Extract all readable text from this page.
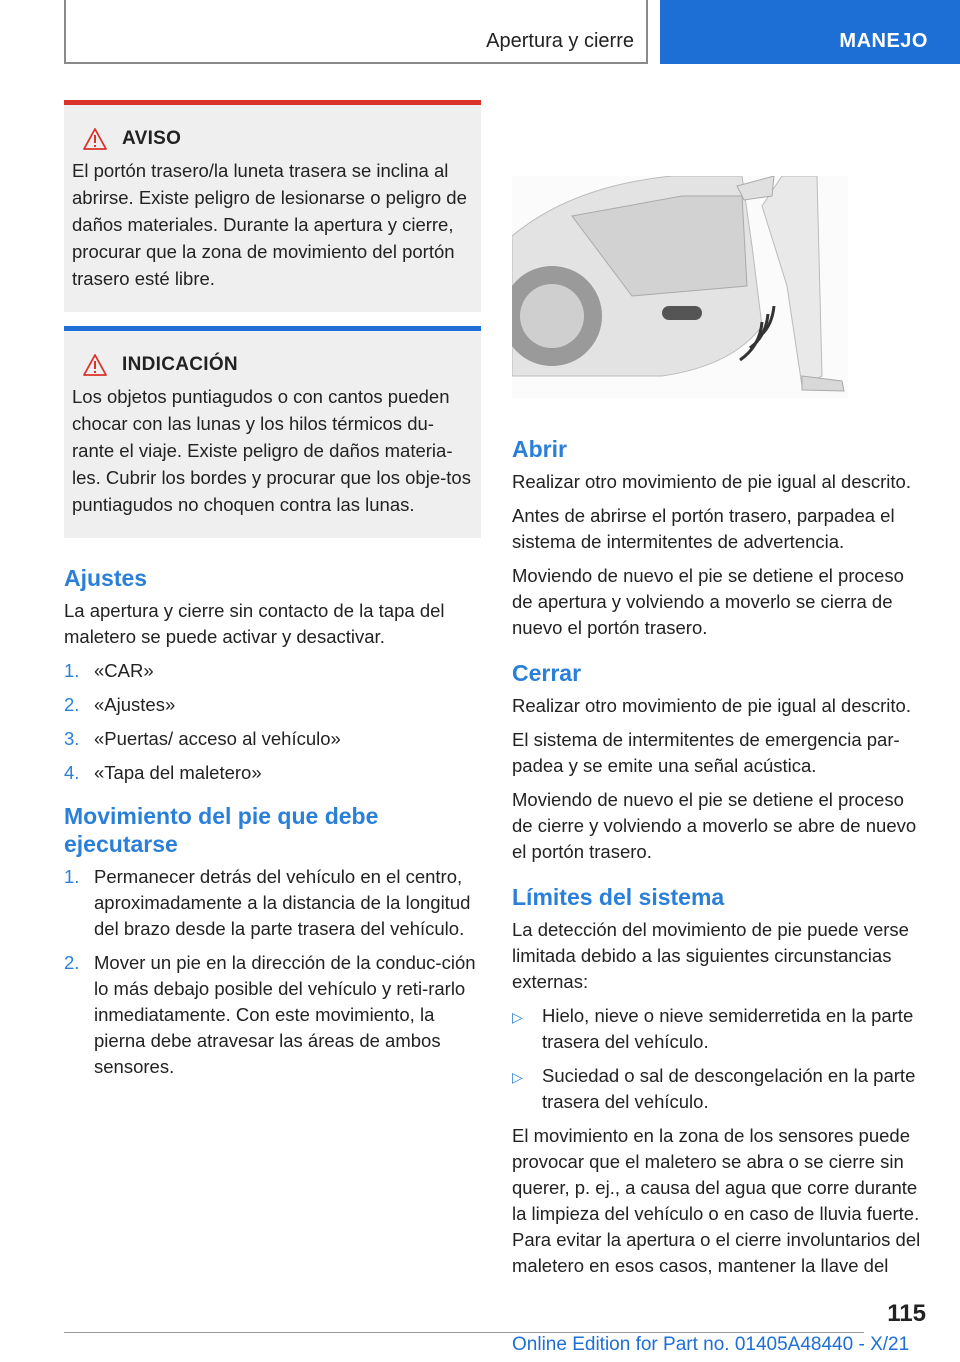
Apertura y cierre	MANEJO
AVISO
El portón trasero/la luneta trasera se inclina al abrirse. Existe peligro de lesionarse o peligro de daños materiales. Durante la apertura y cierre, procurar que la zona de movimiento del portón trasero esté libre.
INDICACIÓN
Los objetos puntiagudos o con cantos pueden chocar con las lunas y los hilos térmicos du-rante el viaje. Existe peligro de daños materia-les. Cubrir los bordes y procurar que los obje-tos puntiagudos no choquen contra las lunas.
Ajustes

La apertura y cierre sin contacto de la tapa del maletero se puede activar y desactivar.

1. «CAR»
2. «Ajustes»
3. «Puertas/ acceso al vehículo»
4. «Tapa del maletero»
Movimiento del pie que debe ejecutarse
1. Permanecer detrás del vehículo en el centro, aproximadamente a la distancia de la longitud del brazo desde la parte trasera del vehículo.
2. Mover un pie en la dirección de la conduc-ción lo más debajo posible del vehículo y reti-rarlo inmediatamente. Con este movimiento, la pierna debe atravesar las áreas de ambos sensores.
Abrir

Realizar otro movimiento de pie igual al descrito.

Antes de abrirse el portón trasero, parpadea el sistema de intermitentes de advertencia.

Moviendo de nuevo el pie se detiene el proceso de apertura y volviendo a moverlo se cierra de nuevo el portón trasero.

Cerrar

Realizar otro movimiento de pie igual al descrito.

El sistema de intermitentes de emergencia par-padea y se emite una señal acústica.

Moviendo de nuevo el pie se detiene el proceso de cierre y volviendo a moverlo se abre de nuevo el portón trasero.

Límites del sistema

La detección del movimiento de pie puede verse limitada debido a las siguientes circunstancias externas:

▷	Hielo, nieve o nieve semiderretida en la parte trasera del vehículo.
▷	Suciedad o sal de descongelación en la parte trasera del vehículo.

El movimiento en la zona de los sensores puede provocar que el maletero se abra o se cierre sin querer, p. ej., a causa del agua que corre durante la limpieza del vehículo o en caso de lluvia fuerte. Para evitar la apertura o el cierre involuntarios del maletero en esos casos, mantener la llave del

115
Online Edition for Part no. 01405A48440 - X/21
